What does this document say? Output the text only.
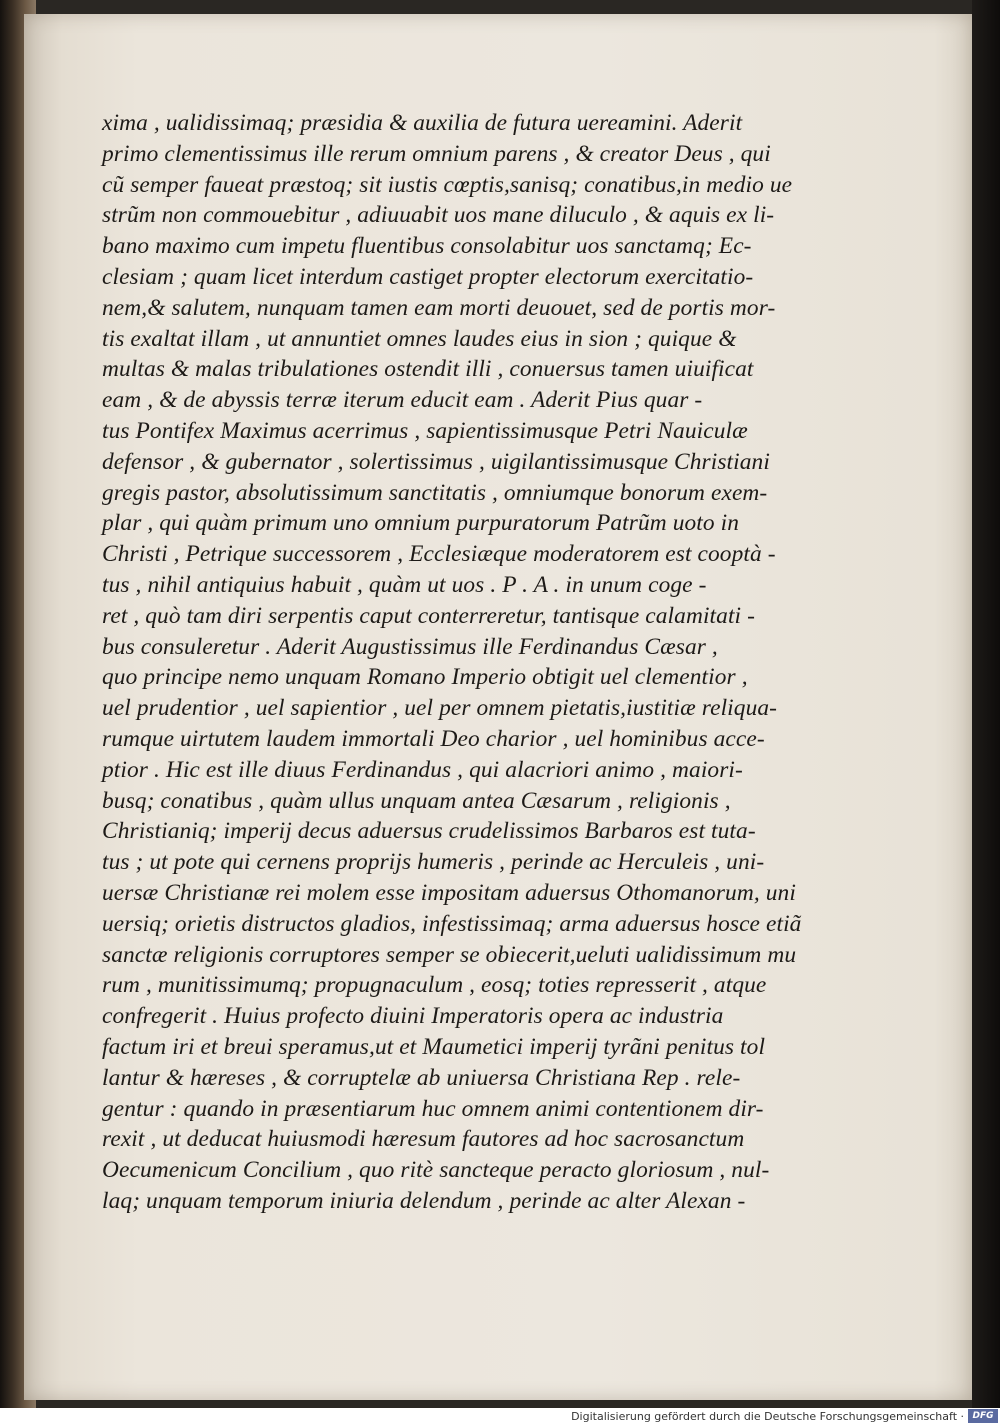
xima , ualidissimaq; præsidia & auxilia de futura uereamini. Aderit
primo clementissimus ille rerum omnium parens , & creator Deus , qui
cũ semper faueat præstoq; sit iustis cœptis,sanisq; conatibus,in medio ue
strũm non commouebitur , adiuuabit uos mane diluculo , & aquis ex li-
bano maximo cum impetu fluentibus consolabitur uos sanctamq; Ec-
clesiam ; quam licet interdum castiget propter electorum exercitatio-
nem,& salutem, nunquam tamen eam morti deuouet, sed de portis mor-
tis exaltat illam , ut annuntiet omnes laudes eius in sion ; quique &
multas & malas tribulationes ostendit illi , conuersus tamen uiuificat
eam , & de abyssis terræ iterum educit eam . Aderit Pius quar -
tus Pontifex Maximus acerrimus , sapientissimusque Petri Nauiculæ
defensor , & gubernator , solertissimus , uigilantissimusque Christiani
gregis pastor, absolutissimum sanctitatis , omniumque bonorum exem-
plar , qui quàm primum uno omnium purpuratorum Patrũm uoto in
Christi , Petrique successorem , Ecclesiæque moderatorem est cooptà -
tus , nihil antiquius habuit , quàm ut uos . P . A . in unum coge -
ret , quò tam diri serpentis caput conterreretur, tantisque calamitati -
bus consuleretur . Aderit Augustissimus ille Ferdinandus Cæsar ,
quo principe nemo unquam Romano Imperio obtigit uel clementior ,
uel prudentior , uel sapientior , uel per omnem pietatis,iustitiæ reliqua-
rumque uirtutem laudem immortali Deo charior , uel hominibus acce-
ptior . Hic est ille diuus Ferdinandus , qui alacriori animo , maiori-
busq; conatibus , quàm ullus unquam antea Cæsarum , religionis ,
Christianiq; imperij decus aduersus crudelissimos Barbaros est tuta-
tus ; ut pote qui cernens proprijs humeris , perinde ac Herculeis , uni-
uersæ Christianæ rei molem esse impositam aduersus Othomanorum, uni
uersiq; orietis distructos gladios, infestissimaq; arma aduersus hosce etiã
sanctæ religionis corruptores semper se obiecerit,ueluti ualidissimum mu
rum , munitissimumq; propugnaculum , eosq; toties represserit , atque
confregerit . Huius profecto diuini Imperatoris opera ac industria
factum iri et breui speramus,ut et Maumetici imperij tyrãni penitus tol
lantur & hæreses , & corruptelæ ab uniuersa Christiana Rep . rele-
gentur : quando in præsentiarum huc omnem animi contentionem dir-
rexit , ut deducat huiusmodi hæresum fautores ad hoc sacrosanctum
Oecumenicum Concilium , quo ritè sancteque peracto gloriosum , nul-
laq; unquam temporum iniuria delendum , perinde ac alter Alexan -
Digitalisierung gefördert durch die Deutsche Forschungsgemeinschaft · DFG
